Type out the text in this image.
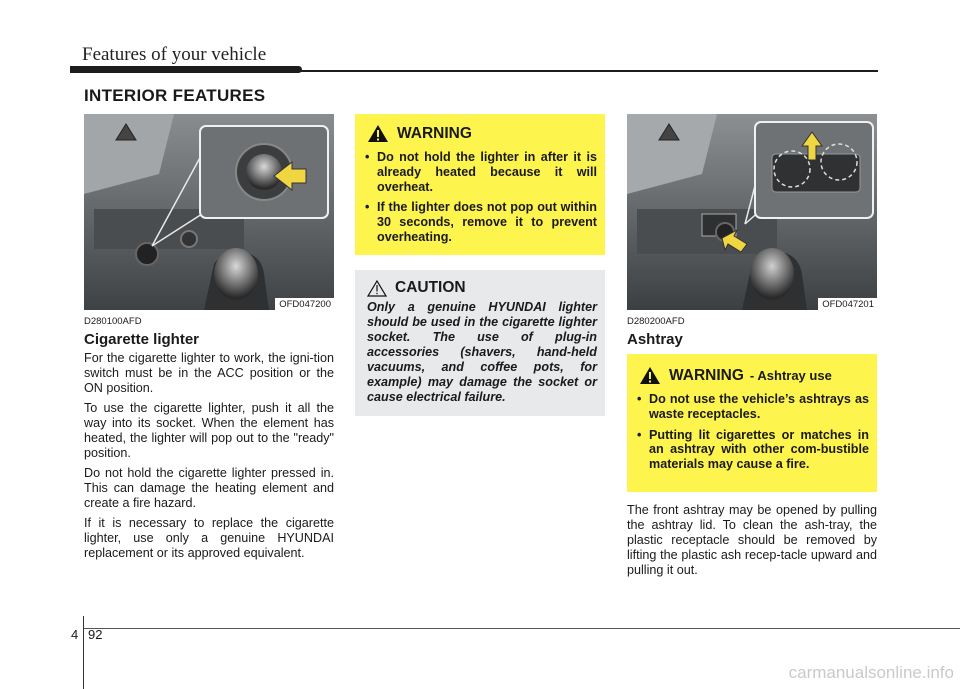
Features of your vehicle
INTERIOR FEATURES
OFD047200
D280100AFD
Cigarette lighter

For the cigarette lighter to work, the igni-tion switch must be in the ACC position or the ON position.

To use the cigarette lighter, push it all the way into its socket. When the element has heated, the lighter will pop out to the "ready" position.

Do not hold the cigarette lighter pressed in. This can damage the heating element and create a fire hazard.

If it is necessary to replace the cigarette lighter, use only a genuine HYUNDAI replacement or its approved equivalent.

WARNING
• Do not hold the lighter in after it is already heated because it will overheat.
• If the lighter does not pop out within 30 seconds, remove it to prevent overheating.
CAUTION
Only a genuine HYUNDAI lighter should be used in the cigarette lighter socket. The use of plug-in accessories (shavers, hand-held vacuums, and coffee pots, for example) may damage the socket or cause electrical failure.
OFD047201
D280200AFD
Ashtray
WARNING - Ashtray use
• Do not use the vehicle’s ashtrays as waste receptacles.
• Putting lit cigarettes or matches in an ashtray with other com-bustible materials may cause a fire.

The front ashtray may be opened by pulling the ashtray lid. To clean the ash-tray, the plastic receptacle should be removed by lifting the plastic ash recep-tacle upward and pulling it out.

4 92
carmanualsonline.info
